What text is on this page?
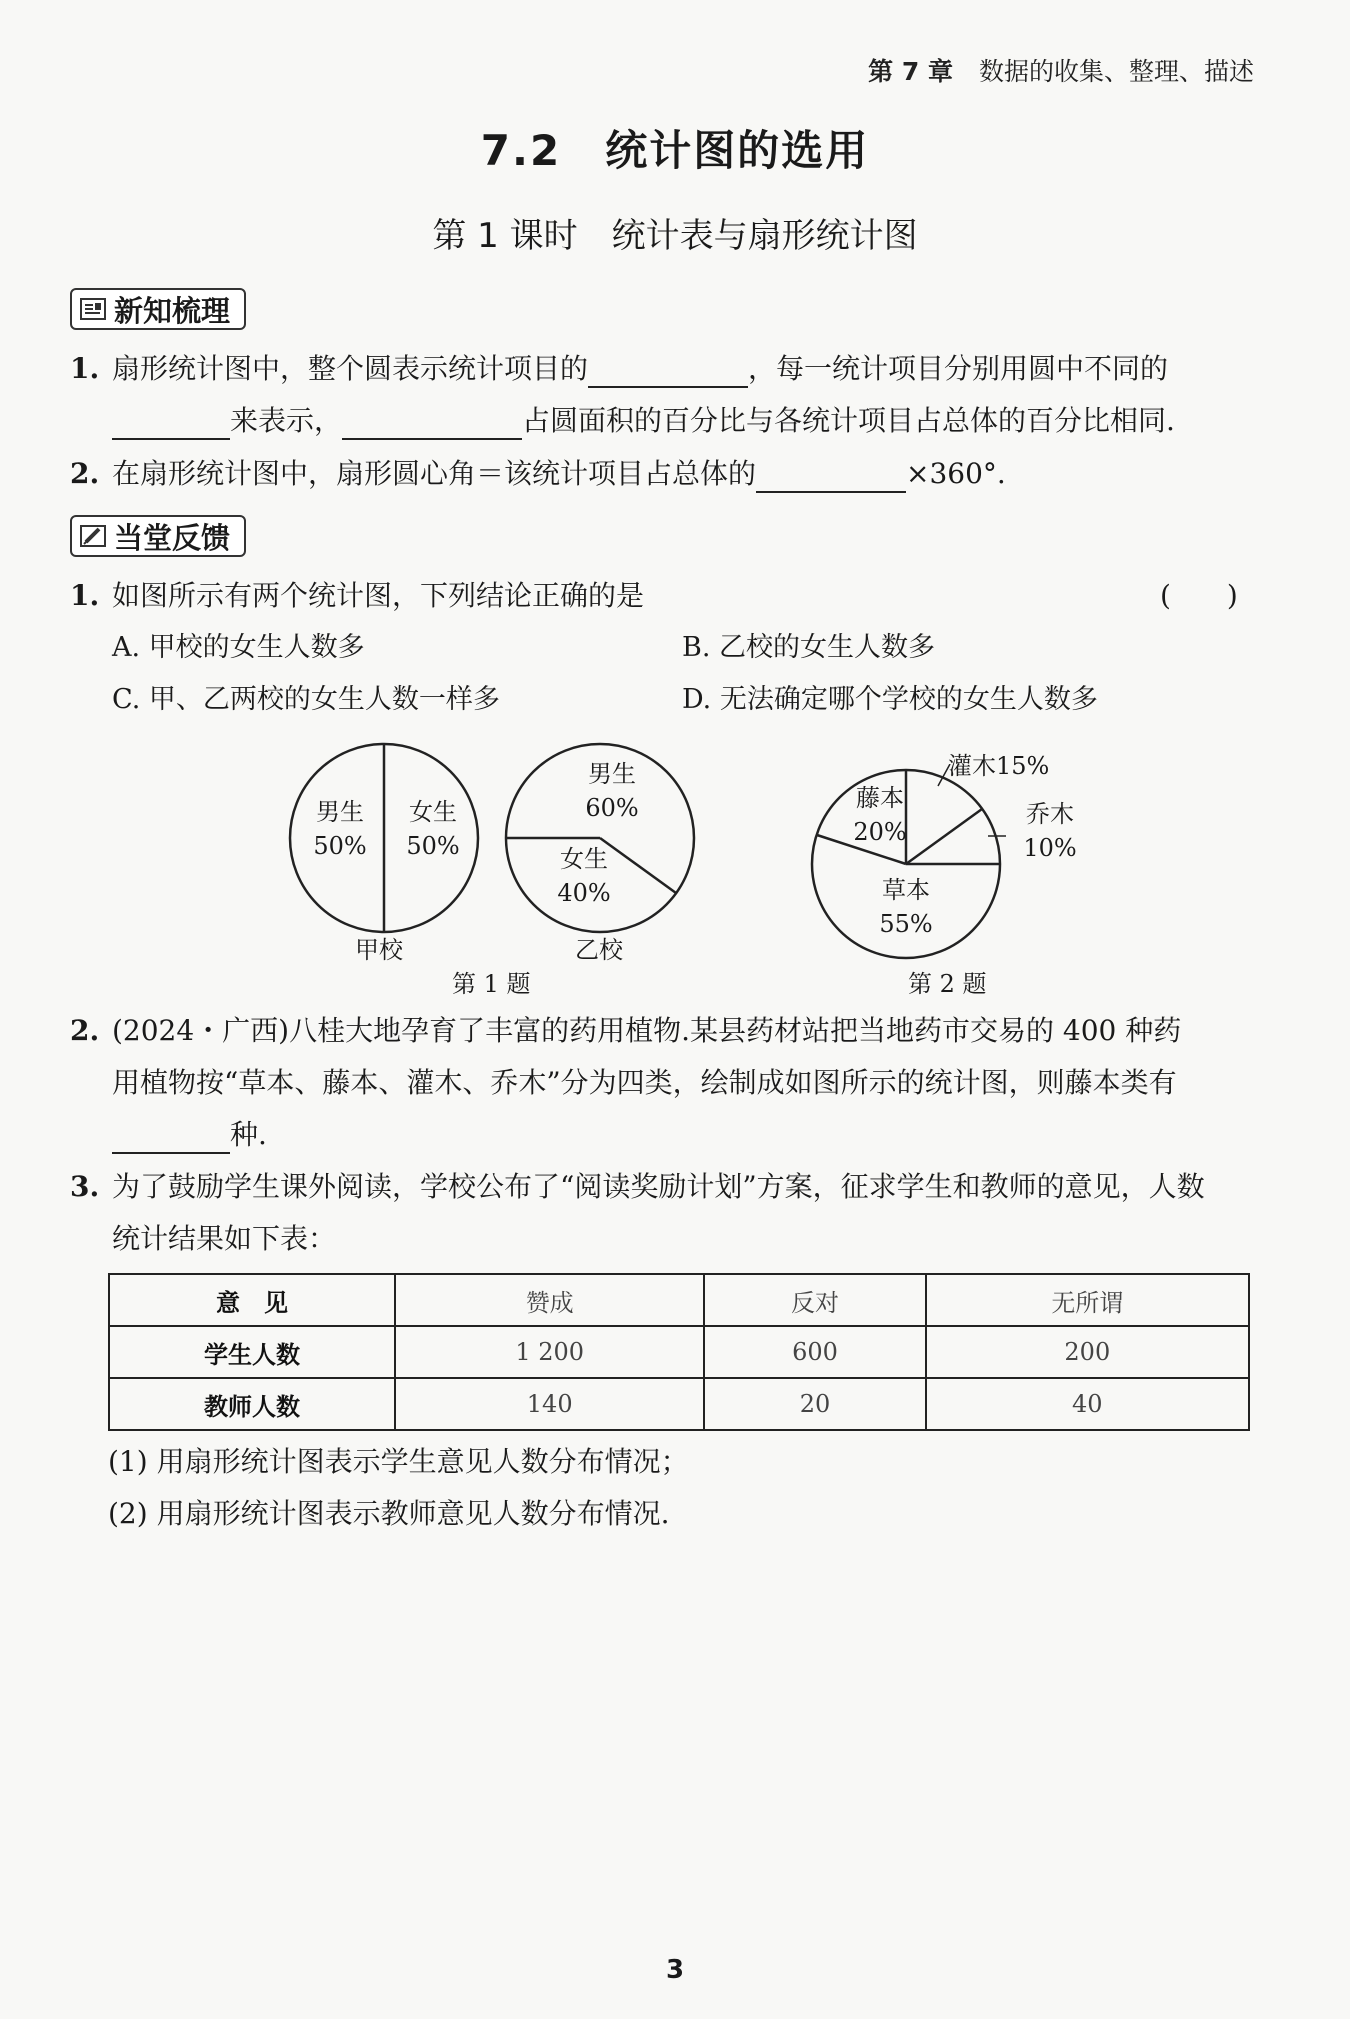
第 7 章 数据的收集、整理、描述
7.2　统计图的选用
第 1 课时　统计表与扇形统计图
新知梳理
1. 扇形统计图中，整个圆表示统计项目的	，每一统计项目分别用圆中不同的
来表示，	占圆面积的百分比与各统计项目占总体的百分比相同.
2. 在扇形统计图中，扇形圆心角＝该统计项目占总体的	×360°.
当堂反馈
1. 如图所示有两个统计图，下列结论正确的是	(　　)
A. 甲校的女生人数多	B. 乙校的女生人数多
C. 甲、乙两校的女生人数一样多	D. 无法确定哪个学校的女生人数多
男生
50%
女生
50%
甲校
男生
60%
女生
40%
乙校
第 1 题
灌木15%
藤本
20%
乔木
10%
草本
55%
第 2 题
2. (2024・广西)八桂大地孕育了丰富的药用植物.某县药材站把当地药市交易的 400 种药
用植物按“草本、藤本、灌木、乔木”分为四类，绘制成如图所示的统计图，则藤本类有
种.
3. 为了鼓励学生课外阅读，学校公布了“阅读奖励计划”方案，征求学生和教师的意见，人数
统计结果如下表：
意　见	赞成	反对	无所谓
学生人数	1 200	600	200
教师人数	140	20	40
(1) 用扇形统计图表示学生意见人数分布情况；
(2) 用扇形统计图表示教师意见人数分布情况.
3
